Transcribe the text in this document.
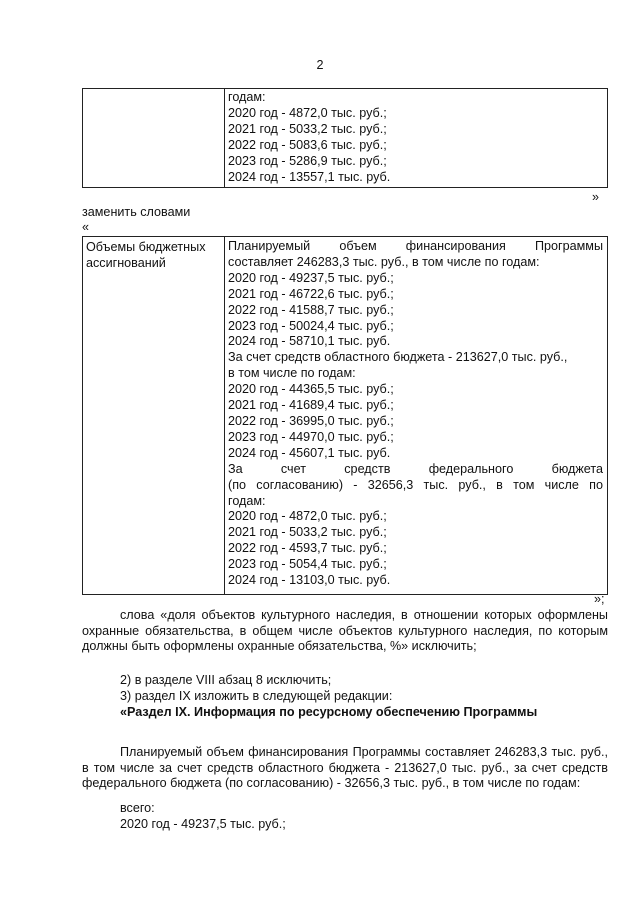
2
годам:
2020 год - 4872,0 тыс. руб.;
2021 год - 5033,2 тыс. руб.;
2022 год - 5083,6 тыс. руб.;
2023 год - 5286,9 тыс. руб.;
2024 год - 13557,1 тыс. руб.
»
заменить словами
«
Объемы бюджетных
ассигнований
Планируемый объем финансирования Программы
составляет 246283,3 тыс. руб., в том числе по годам:
2020 год - 49237,5 тыс. руб.;
2021 год - 46722,6 тыс. руб.;
2022 год - 41588,7 тыс. руб.;
2023 год - 50024,4 тыс. руб.;
2024 год - 58710,1 тыс. руб.
За счет средств областного бюджета - 213627,0 тыс. руб.,
в том числе по годам:
2020 год - 44365,5 тыс. руб.;
2021 год - 41689,4 тыс. руб.;
2022 год - 36995,0 тыс. руб.;
2023 год - 44970,0 тыс. руб.;
2024 год - 45607,1 тыс. руб.
За счет средств федерального бюджета
(по согласованию) - 32656,3 тыс. руб., в том числе по
годам:
2020 год - 4872,0 тыс. руб.;
2021 год - 5033,2 тыс. руб.;
2022 год - 4593,7 тыс. руб.;
2023 год - 5054,4 тыс. руб.;
2024 год - 13103,0 тыс. руб.
»;
слова «доля объектов культурного наследия, в отношении которых оформлены охранные обязательства, в общем числе объектов культурного наследия, по которым должны быть оформлены охранные обязательства, %» исключить;
2) в разделе VIII абзац 8 исключить;
3) раздел IX изложить в следующей редакции:
«Раздел IX. Информация по ресурсному обеспечению Программы
Планируемый объем финансирования Программы составляет 246283,3 тыс. руб., в том числе за счет средств областного бюджета - 213627,0 тыс. руб., за счет средств федерального бюджета (по согласованию) - 32656,3 тыс. руб., в том числе по годам:
всего:
2020 год - 49237,5 тыс. руб.;
